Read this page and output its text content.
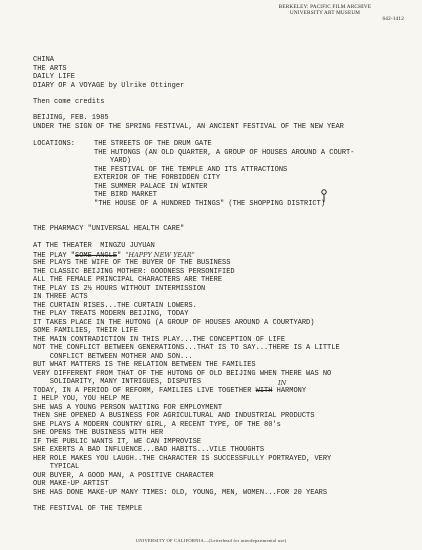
BERKELEY: PACIFIC FILM ARCHIVE
UNIVERSITY ART MUSEUM
642-1412
CHINA
THE ARTS
DAILY LIFE
DIARY OF A VOYAGE by Ulrike Ottinger
Then come credits
BEIJING, FEB. 1985
UNDER THE SIGN OF THE SPRING FESTIVAL, AN ANCIENT FESTIVAL OF THE NEW YEAR
LOCATIONS:	THE STREETS OF THE DRUM GATE
THE HUTONGS (AN OLD QUARTER, A GROUP OF HOUSES AROUND A COURT-
YARD)
THE FESTIVAL OF THE TEMPLE AND ITS ATTRACTIONS
EXTERIOR OF THE FORBIDDEN CITY
THE SUMMER PALACE IN WINTER
THE BIRD MARKET
"THE HOUSE OF A HUNDRED THINGS" (THE SHOPPING DISTRICT)
THE PHARMACY "UNIVERSAL HEALTH CARE"
AT THE THEATER  MINGZU JUYUAN
THE PLAY "SOME ANGLE" "HAPPY NEW YEAR"
SHE PLAYS THE WIFE OF THE BUYER OF THE BUSINESS
THE CLASSIC BEIJING MOTHER: GOODNESS PERSONIFIED
ALL THE FEMALE PRINCIPAL CHARACTERS ARE THERE
THE PLAY IS 2½ HOURS WITHOUT INTERMISSION
IN THREE ACTS
THE CURTAIN RISES...THE CURTAIN LOWERS.
THE PLAY TREATS MODERN BEIJING, TODAY
IT TAKES PLACE IN THE HUTONG (A GROUP OF HOUSES AROUND A COURTYARD)
SOME FAMILIES, THEIR LIFE
THE MAIN CONTRADICTION IN THIS PLAY...THE CONCEPTION OF LIFE
NOT THE CONFLICT BETWEEN GENERATIONS...THAT IS TO SAY...THERE IS A LITTLE
CONFLICT BETWEEN MOTHER AND SON...
BUT WHAT MATTERS IS THE RELATION BETWEEN THE FAMILIES
VERY DIFFERENT FROM THAT OF THE HUTONG OF OLD BEIJING WHEN THERE WAS NO
SOLIDARITY, MANY INTRIGUES, DISPUTES
TODAY, IN A PERIOD OF REFORM, FAMILIES LIVE TOGETHER WITH HARMONY
IN
I HELP YOU, YOU HELP ME
SHE WAS A YOUNG PERSON WAITING FOR EMPLOYMENT
THEN SHE OPENED A BUSINESS FOR AGRICULTURAL AND INDUSTRIAL PRODUCTS
SHE PLAYS A MODERN COUNTRY GIRL, A RECENT TYPE, OF THE 80's
SHE OPENS THE BUSINESS WITH HER
IF THE PUBLIC WANTS IT, WE CAN IMPROVISE
SHE EXERTS A BAD INFLUENCE...BAD HABITS...VILE THOUGHTS
HER ROLE MAKES YOU LAUGH..THE CHARACTER IS SUCCESSFULLY PORTRAYED, VERY
TYPICAL
OUR BUYER, A GOOD MAN, A POSITIVE CHARACTER
OUR MAKE-UP ARTIST
SHE HAS DONE MAKE-UP MANY TIMES: OLD, YOUNG, MEN, WOMEN...FOR 20 YEARS
THE FESTIVAL OF THE TEMPLE
UNIVERSITY OF CALIFORNIA—(Letterhead for interdepartmental use)
